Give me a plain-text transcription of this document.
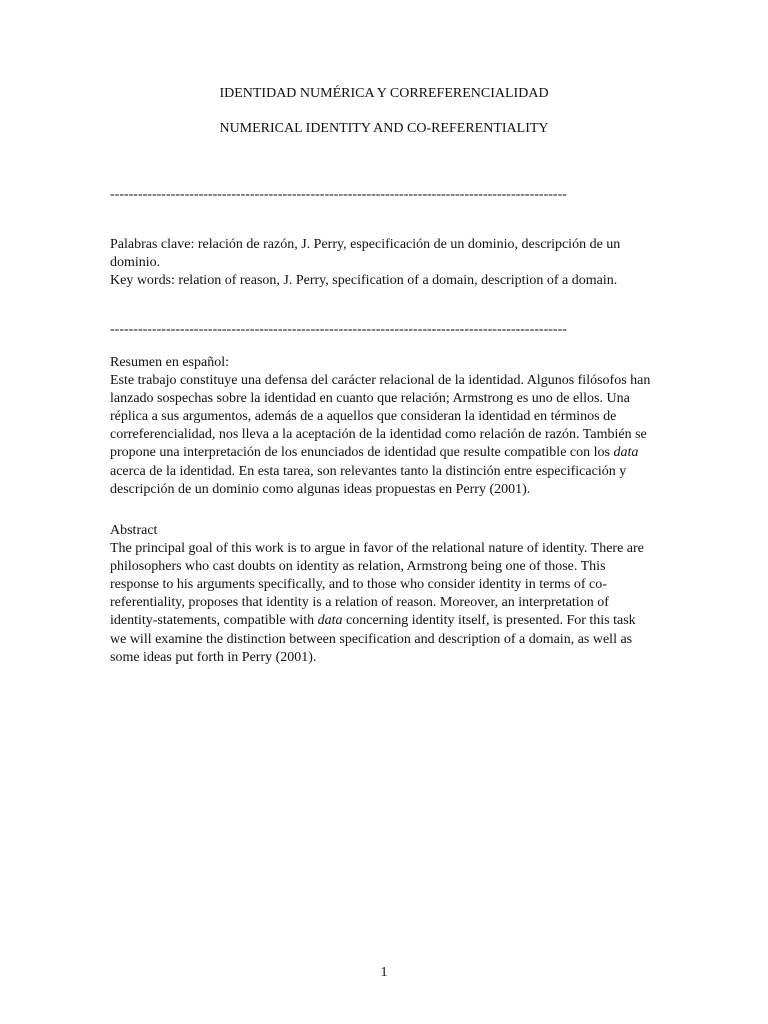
IDENTIDAD NUMÉRICA Y CORREFERENCIALIDAD
NUMERICAL IDENTITY AND CO-REFERENTIALITY
--------------------------------------------------------------------------------------------------

Palabras clave: relación de razón, J. Perry, especificación de un dominio, descripción de un dominio.

Key words: relation of reason, J. Perry, specification of a domain, description of a domain.

--------------------------------------------------------------------------------------------------

Resumen en español:

Este trabajo constituye una defensa del carácter relacional de la identidad. Algunos filósofos han lanzado sospechas sobre la identidad en cuanto que relación; Armstrong es uno de ellos. Una réplica a sus argumentos, además de a aquellos que consideran la identidad en términos de correferencialidad, nos lleva a la aceptación de la identidad como relación de razón. También se propone una interpretación de los enunciados de identidad que resulte compatible con los data acerca de la identidad. En esta tarea, son relevantes tanto la distinción entre especificación y descripción de un dominio como algunas ideas propuestas en Perry (2001).

Abstract

The principal goal of this work is to argue in favor of the relational nature of identity. There are philosophers who cast doubts on identity as relation, Armstrong being one of those. This response to his arguments specifically, and to those who consider identity in terms of co-referentiality, proposes that identity is a relation of reason. Moreover, an interpretation of identity-statements, compatible with data concerning identity itself, is presented. For this task we will examine the distinction between specification and description of a domain, as well as some ideas put forth in Perry (2001).

1
